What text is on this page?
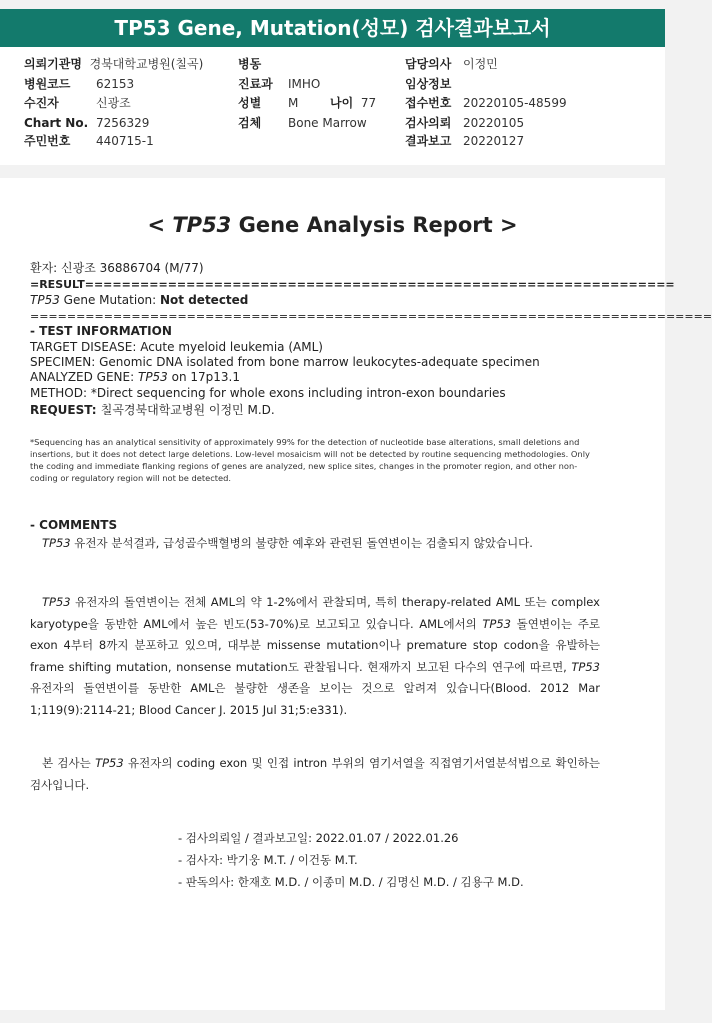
TP53 Gene, Mutation(성모) 검사결과보고서
의뢰기관명 경북대학교병원(칠곡)
병원코드 62153
수진자	신광조
Chart No. 7256329
주민번호 440715-1
병동
진료과 IMHO
성별 M	나이 77
검체 Bone Marrow
담당의사 이정민
임상정보
접수번호 20220105-48599
검사의뢰 20220105
결과보고 20220127
< TP53 Gene Analysis Report >
환자: 신광조 36886704 (M/77)
=RESULT================================================================
TP53 Gene Mutation: Not detected
==========================================================================
- TEST INFORMATION
TARGET DISEASE: Acute myeloid leukemia (AML)
SPECIMEN: Genomic DNA isolated from bone marrow leukocytes-adequate specimen
ANALYZED GENE: TP53 on 17p13.1
METHOD: *Direct sequencing for whole exons including intron-exon boundaries
REQUEST: 칠곡경북대학교병원 이정민 M.D.
*Sequencing has an analytical sensitivity of approximately 99% for the detection of nucleotide base alterations, small deletions and insertions, but it does not detect large deletions. Low-level mosaicism will not be detected by routine sequencing methodologies. Only the coding and immediate flanking regions of genes are analyzed, new splice sites, changes in the promoter region, and other non-coding or regulatory region will not be detected.
- COMMENTS
TP53 유전자 분석결과, 급성골수백혈병의 불량한 예후와 관련된 돌연변이는 검출되지 않았습니다.
TP53 유전자의 돌연변이는 전체 AML의 약 1-2%에서 관찰되며, 특히 therapy-related AML 또는 complex karyotype을 동반한 AML에서 높은 빈도(53-70%)로 보고되고 있습니다. AML에서의 TP53 돌연변이는 주로 exon 4부터 8까지 분포하고 있으며, 대부분 missense mutation이나 premature stop codon을 유발하는 frame shifting mutation, nonsense mutation도 관찰됩니다. 현재까지 보고된 다수의 연구에 따르면, TP53 유전자의 돌연변이를 동반한 AML은 불량한 생존을 보이는 것으로 알려져 있습니다(Blood. 2012 Mar 1;119(9):2114-21; Blood Cancer J. 2015 Jul 31;5:e331).
본 검사는 TP53 유전자의 coding exon 및 인접 intron 부위의 염기서열을 직접염기서열분석법으로 확인하는 검사입니다.
- 검사의뢰일 / 결과보고일: 2022.01.07 / 2022.01.26
- 검사자: 박기웅 M.T. / 이건동 M.T.
- 판독의사: 한재호 M.D. / 이종미 M.D. / 김명신 M.D. / 김용구 M.D.
